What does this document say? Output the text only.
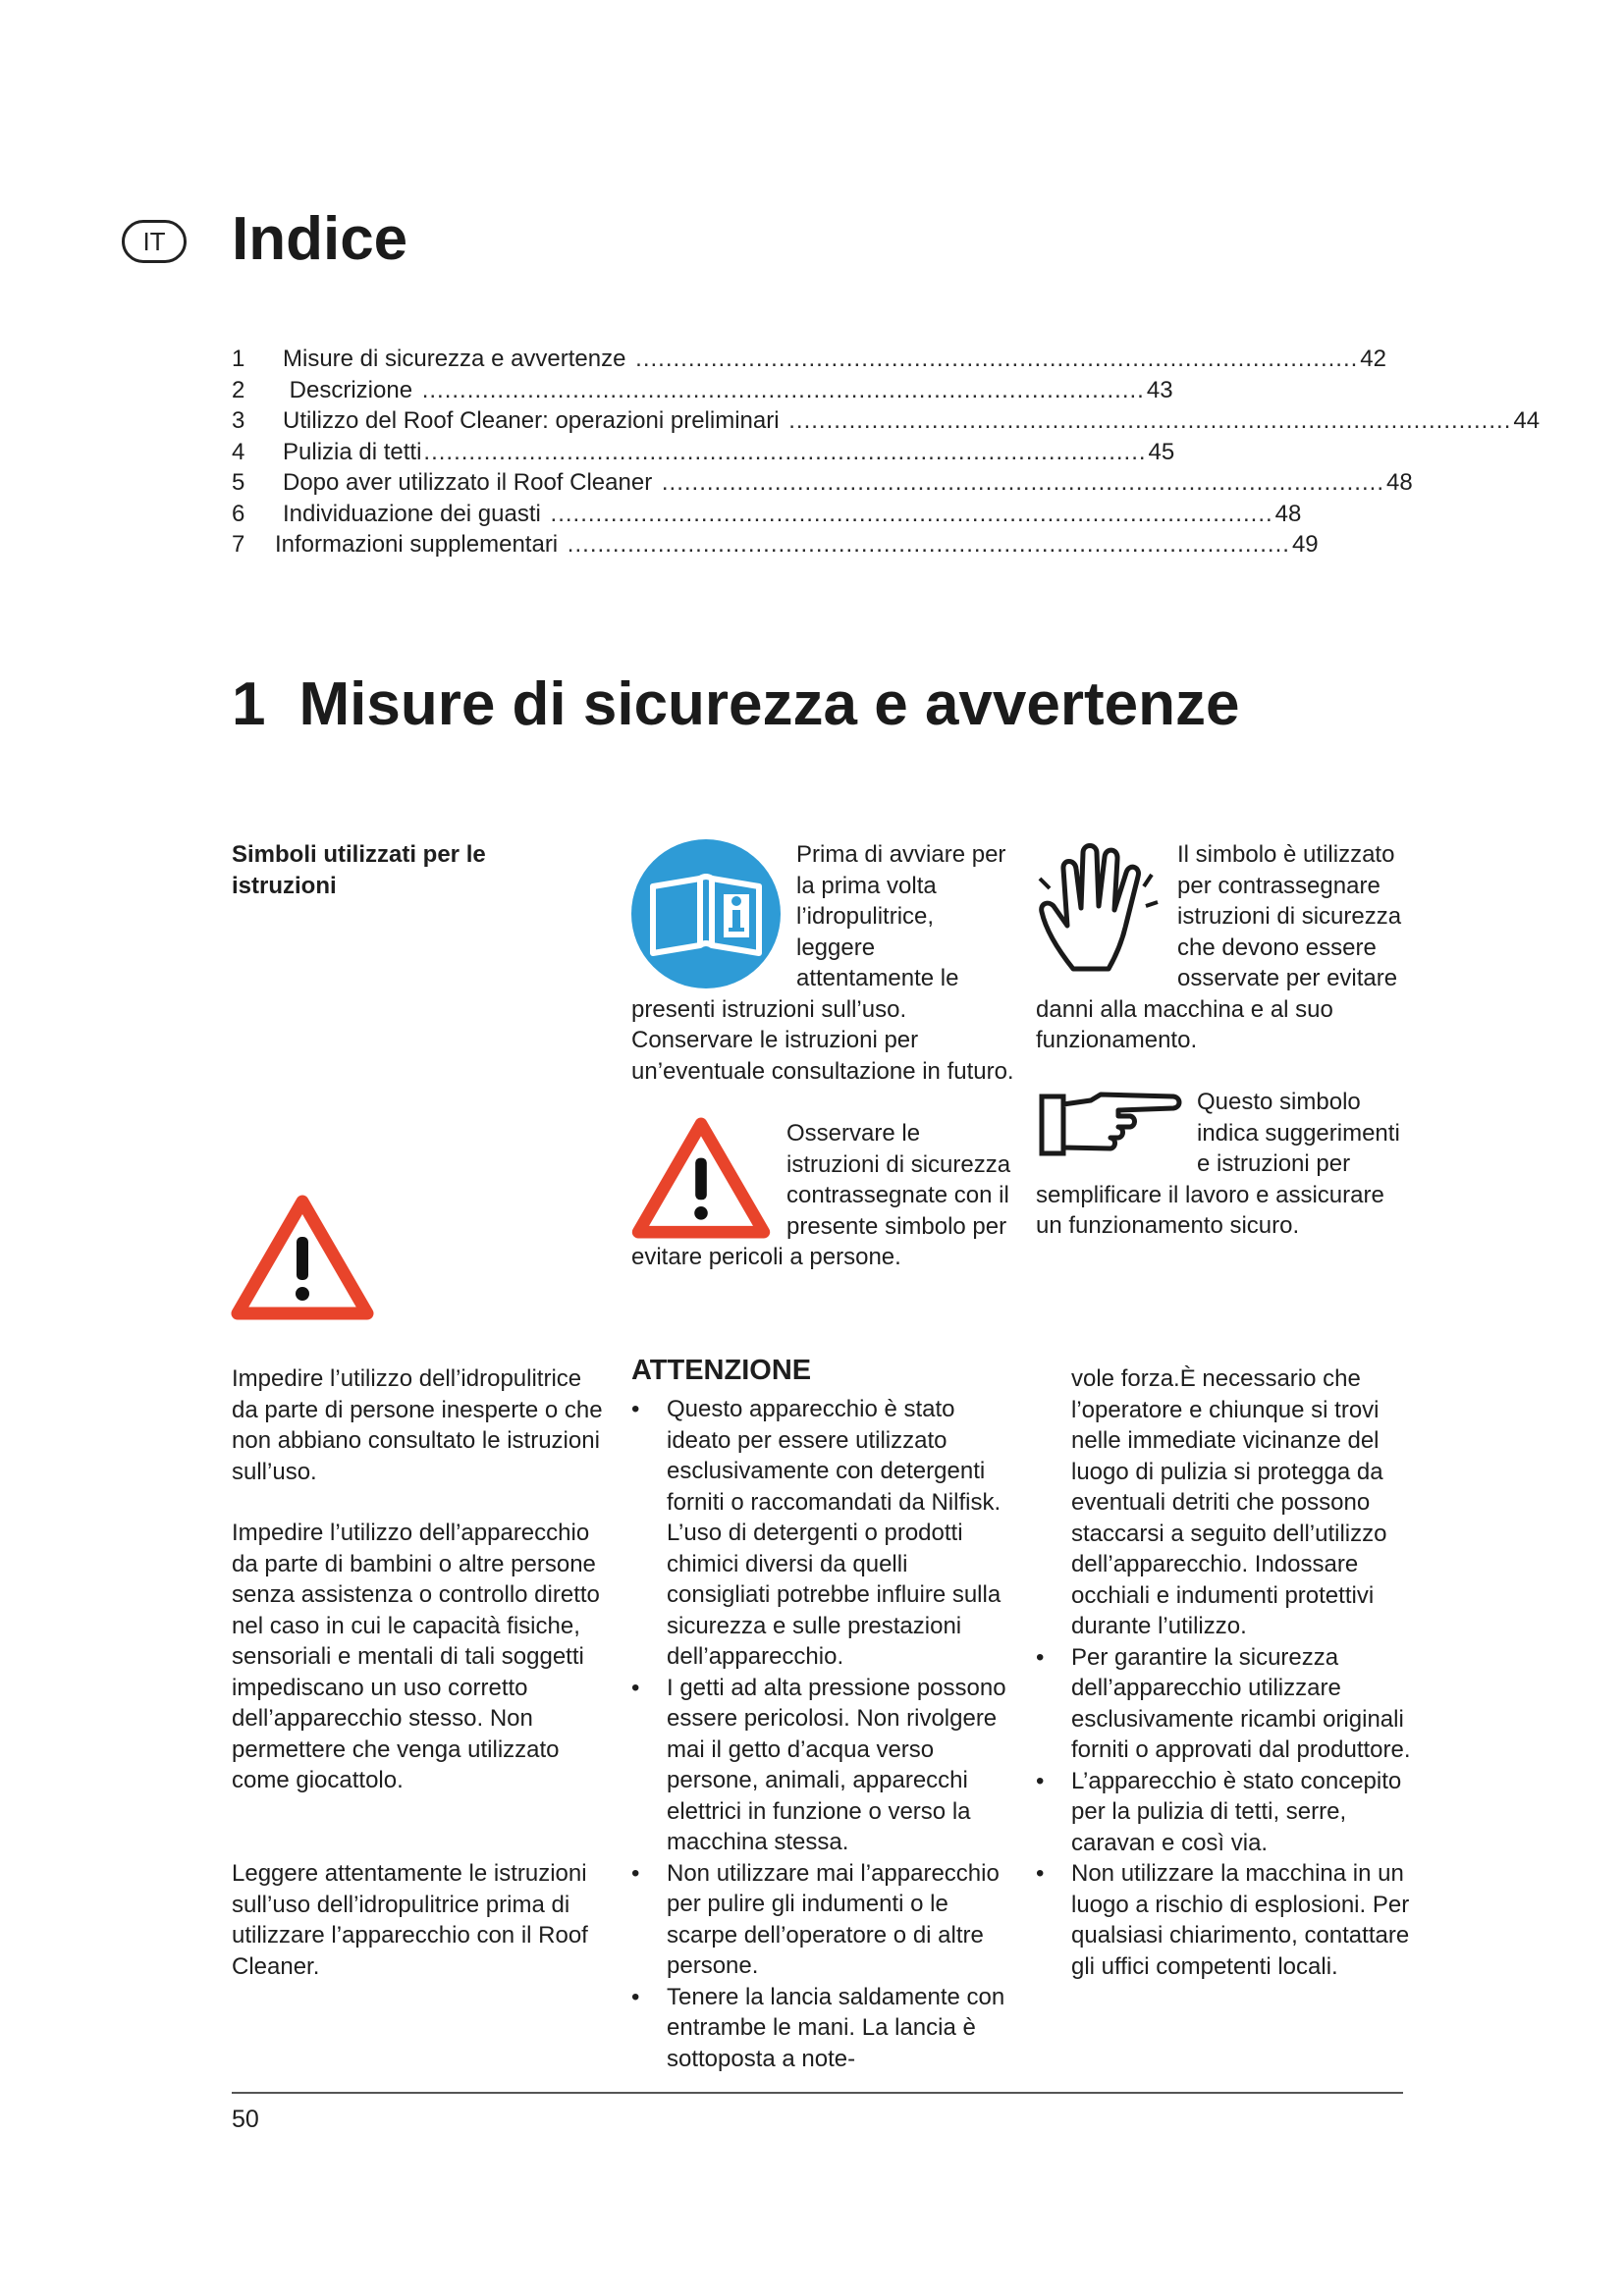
IT Indice
1	Misure di sicurezza e avvertenze ................................................................................................ 42
2	Descrizione ................................................................................................ 43
3	Utilizzo del Roof Cleaner: operazioni preliminari ................................................................................................ 44
4	Pulizia di tetti ................................................................................................ 45
5	Dopo aver utilizzato il Roof Cleaner ................................................................................................ 48
6	Individuazione dei guasti ................................................................................................ 48
7	Informazioni supplementari ................................................................................................ 49
1 Misure di sicurezza e avvertenze
Simboli utilizzati per le istruzioni
Impedire l’utilizzo dell’idropulitrice da parte di persone inesperte o che non abbiano consultato le istruzioni sull’uso.
Impedire l’utilizzo dell’apparecchio da parte di bambini o altre persone senza assistenza o controllo diretto nel caso in cui le capacità fisiche, sensoriali e mentali di tali soggetti impediscano un uso corretto dell’apparecchio stesso. Non permettere che venga utilizzato come giocattolo.
Leggere attentamente le istruzioni sull’uso dell’idropulitrice prima di utilizzare l’apparecchio con il Roof Cleaner.
Prima di avviare per la prima volta l’idropulitrice, leggere attentamente le presenti istruzioni sull’uso. Conservare le istruzioni per un’eventuale consultazione in futuro.
Osservare le istruzioni di sicurezza contrassegnate con il presente simbolo per evitare pericoli a persone.
Il simbolo è utilizzato per contrassegnare istruzioni di sicurezza che devono essere osservate per evitare danni alla macchina e al suo funzionamento.
Questo simbolo indica suggerimenti e istruzioni per semplificare il lavoro e assicurare un funzionamento sicuro.
ATTENZIONE
• Questo apparecchio è stato ideato per essere utilizzato esclusivamente con detergenti forniti o raccomandati da Nilfisk. L’uso di detergenti o prodotti chimici diversi da quelli consigliati potrebbe influire sulla sicurezza e sulle prestazioni dell’apparecchio.
• I getti ad alta pressione possono essere pericolosi. Non rivolgere mai il getto d’acqua verso persone, animali, apparecchi elettrici in funzione o verso la macchina stessa.
• Non utilizzare mai l’apparecchio per pulire gli indumenti o le scarpe dell’operatore o di altre persone.
• Tenere la lancia saldamente con entrambe le mani. La lancia è sottoposta a note-
vole forza.È necessario che l’operatore e chiunque si trovi nelle immediate vicinanze del luogo di pulizia si protegga da eventuali detriti che possono staccarsi a seguito dell’utilizzo dell’apparecchio. Indossare occhiali e indumenti protettivi durante l’utilizzo.
• Per garantire la sicurezza dell’apparecchio utilizzare esclusivamente ricambi originali forniti o approvati dal produttore.
• L’apparecchio è stato concepito per la pulizia di tetti, serre, caravan e così via.
• Non utilizzare la macchina in un luogo a rischio di esplosioni. Per qualsiasi chiarimento, contattare gli uffici competenti locali.
50
